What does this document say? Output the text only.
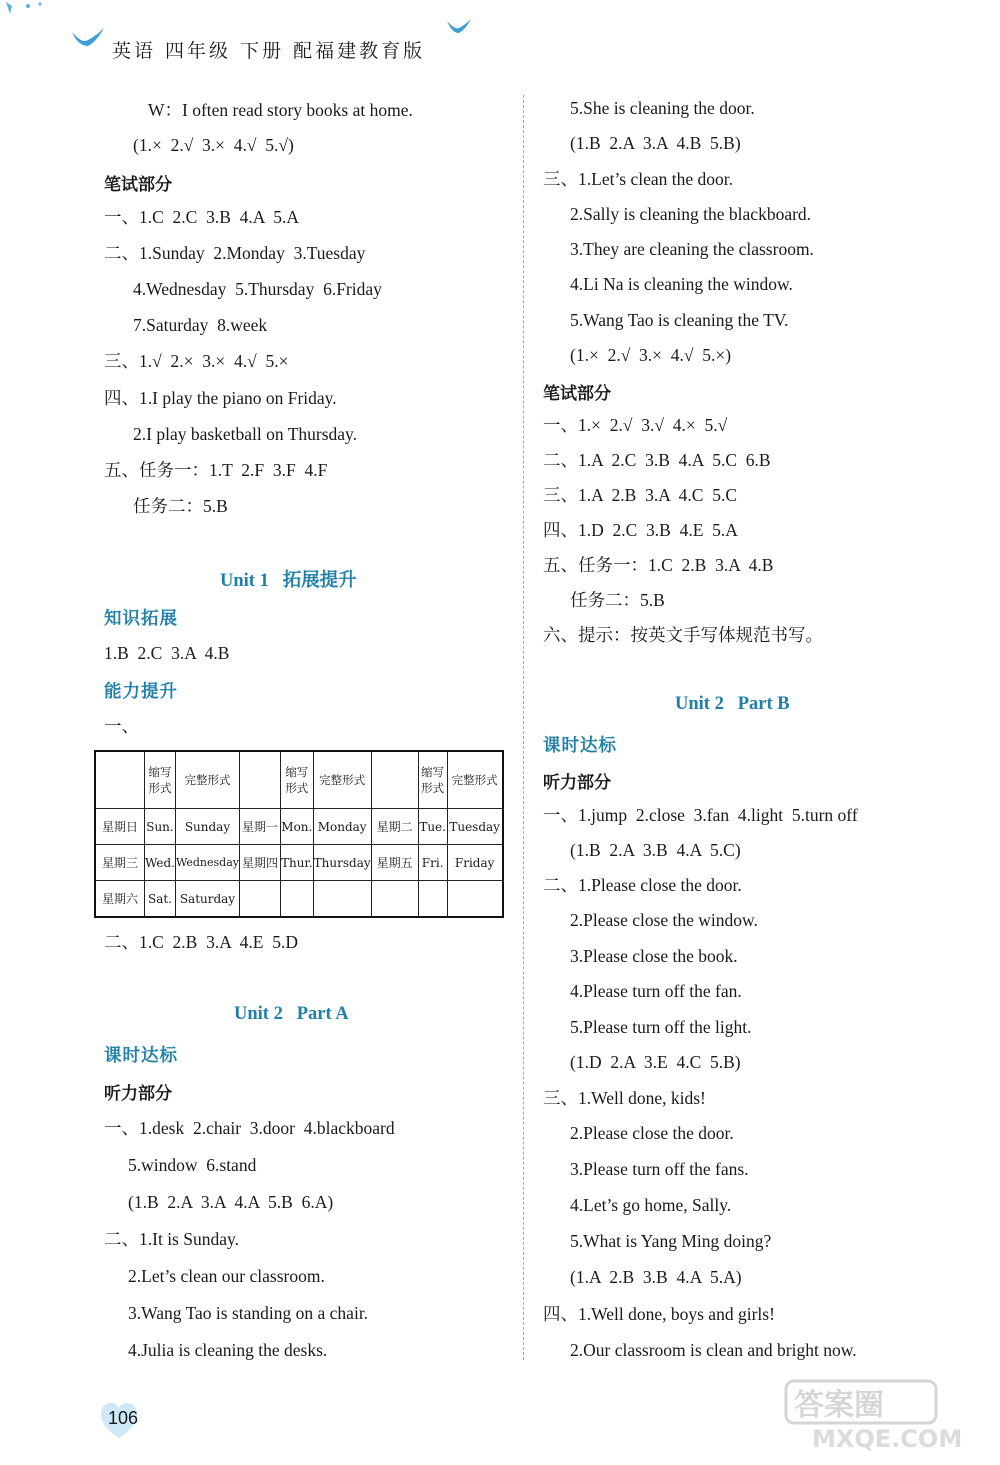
英语 四年级 下册 配福建教育版
W：I often read story books at home.
(1.×  2.√  3.×  4.√  5.√)
笔试部分
一、1.C  2.C  3.B  4.A  5.A
二、1.Sunday  2.Monday  3.Tuesday
4.Wednesday  5.Thursday  6.Friday
7.Saturday  8.week
三、1.√  2.×  3.×  4.√  5.×
四、1.I play the piano on Friday.
2.I play basketball on Thursday.
五、任务一：1.T  2.F  3.F  4.F
任务二：5.B
Unit 1   拓展提升
知识拓展
1.B  2.C  3.A  4.B
能力提升
一、
二、1.C  2.B  3.A  4.E  5.D
Unit 2   Part A
课时达标
听力部分
一、1.desk  2.chair  3.door  4.blackboard
5.window  6.stand
(1.B  2.A  3.A  4.A  5.B  6.A)
二、1.It is Sunday.
2.Let’s clean our classroom.
3.Wang Tao is standing on a chair.
4.Julia is cleaning the desks.
5.She is cleaning the door.
(1.B  2.A  3.A  4.B  5.B)
三、1.Let’s clean the door.
2.Sally is cleaning the blackboard.
3.They are cleaning the classroom.
4.Li Na is cleaning the window.
5.Wang Tao is cleaning the TV.
(1.×  2.√  3.×  4.√  5.×)
笔试部分
一、1.×  2.√  3.√  4.×  5.√
二、1.A  2.C  3.B  4.A  5.C  6.B
三、1.A  2.B  3.A  4.C  5.C
四、1.D  2.C  3.B  4.E  5.A
五、任务一：1.C  2.B  3.A  4.B
任务二：5.B
六、提示：按英文手写体规范书写。
Unit 2   Part B
课时达标
听力部分
一、1.jump  2.close  3.fan  4.light  5.turn off
(1.B  2.A  3.B  4.A  5.C)
二、1.Please close the door.
2.Please close the window.
3.Please close the book.
4.Please turn off the fan.
5.Please turn off the light.
(1.D  2.A  3.E  4.C  5.B)
三、1.Well done, kids!
2.Please close the door.
3.Please turn off the fans.
4.Let’s go home, Sally.
5.What is Yang Ming doing?
(1.A  2.B  3.B  4.A  5.A)
四、1.Well done, boys and girls!
2.Our classroom is clean and bright now.
	缩写形式	完整形式		缩写形式	完整形式		缩写形式	完整形式
星期日	Sun.	Sunday	星期一	Mon.	Monday	星期二	Tue.	Tuesday
星期三	Wed.	Wednesday	星期四	Thur.	Thursday	星期五	Fri.	Friday
星期六	Sat.	Saturday						
106	答案圈
MXQE.COM
